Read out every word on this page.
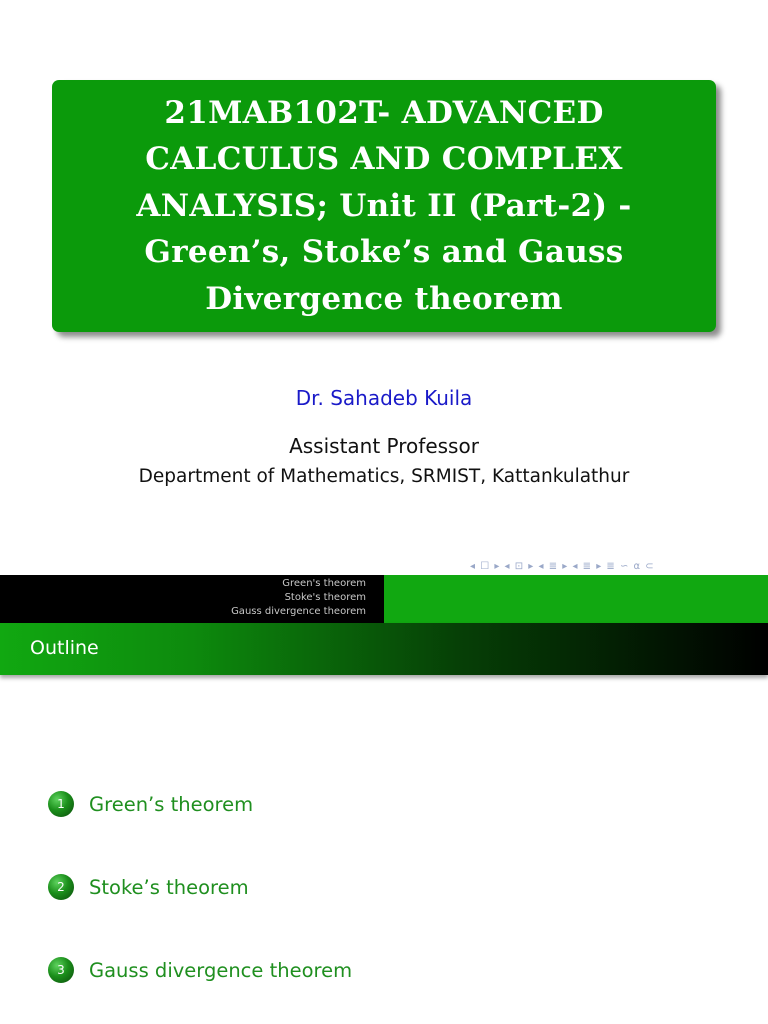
21MAB102T- ADVANCED CALCULUS AND COMPLEX ANALYSIS; Unit II (Part-2) - Green’s, Stoke’s and Gauss Divergence theorem
Dr. Sahadeb Kuila
Assistant Professor
Department of Mathematics, SRMIST, Kattankulathur
◂ ☐ ▸ ◂ ⊡ ▸ ◂ ≣ ▸ ◂ ≣ ▸ ≣ ∽ ⍺ ⊂
Green's theorem
Stoke's theorem
Gauss divergence theorem
Outline
1	Green’s theorem
2	Stoke’s theorem
3	Gauss divergence theorem
